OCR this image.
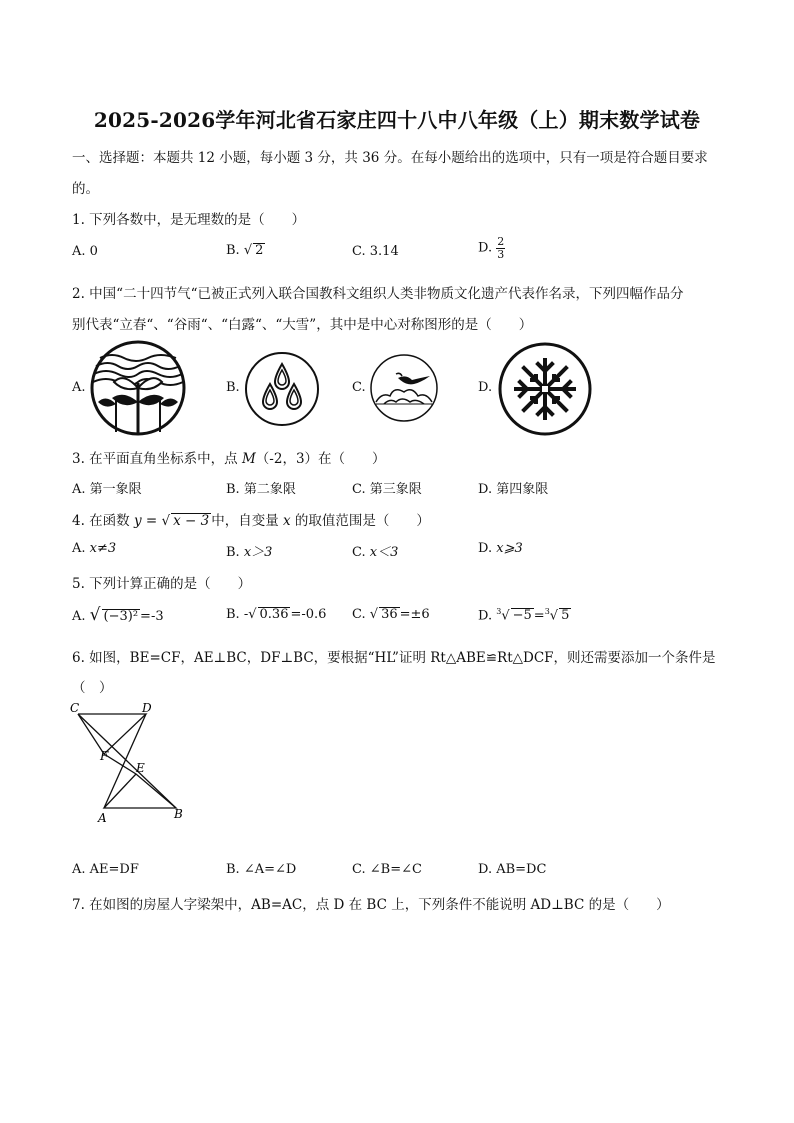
2025-2026学年河北省石家庄四十八中八年级（上）期末数学试卷
一、选择题：本题共 12 小题，每小题 3 分，共 36 分。在每小题给出的选项中，只有一项是符合题目要求
的。
1. 下列各数中，是无理数的是（　　）
A. 0	B. √ 2	C. 3.14	D. $\frac{2}{3}$
2. 中国“二十四节气“已被正式列入联合国教科文组织人类非物质文化遗产代表作名录，下列四幅作品分
别代表“立春“、“谷雨“、“白露“、“大雪”，其中是中心对称图形的是（　　）
A.	B.	C.	D.
3. 在平面直角坐标系中，点 M（-2，3）在（　　）
A. 第一象限	B. 第二象限	C. 第三象限	D. 第四象限
4. 在函数 y = √ x − 3 中，自变量 x 的取值范围是（　　）
A. x≠3	B. x＞3	C. x＜3	D. x⩾3
5. 下列计算正确的是（　　）
A. √ (−3)² =-3	B. -√ 0.36 =-0.6 C. √ 36 =±6	D. $^3$√ −5 =$^3$√ 5
6. 如图，BE=CF，AE⊥BC，DF⊥BC，要根据“HL”证明 Rt△ABE≌Rt△DCF，则还需要添加一个条件是
（　）
C	D
F
E
A	B
A. AE=DF	B. ∠A=∠D	C. ∠B=∠C	D. AB=DC
7. 在如图的房屋人字梁架中，AB=AC，点 D 在 BC 上，下列条件不能说明 AD⊥BC 的是（　　）
